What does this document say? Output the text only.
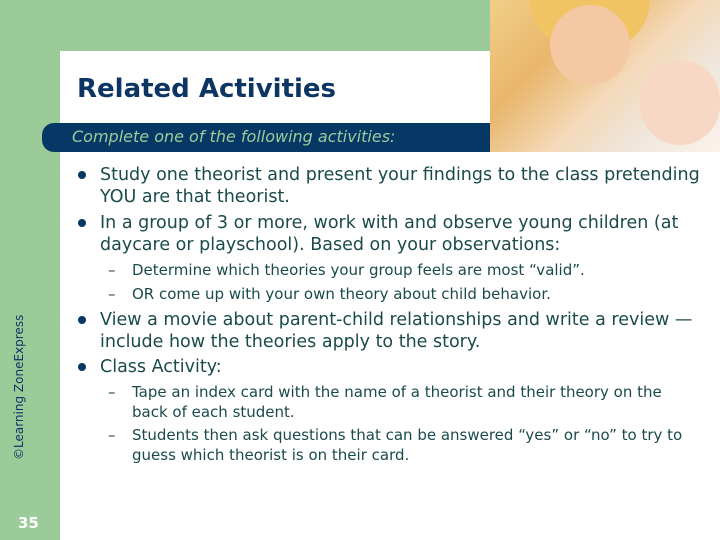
Related Activities
Complete one of the following activities:
©Learning ZoneExpress
35
Study one theorist and present your findings to the class pretending YOU are that theorist.
In a group of 3 or more, work with and observe young children (at daycare or playschool). Based on your observations:
– Determine which theories your group feels are most “valid”.
– OR come up with your own theory about child behavior.
View a movie about parent-child relationships and write a review — include how the theories apply to the story.
Class Activity:
– Tape an index card with the name of a theorist and their theory on the back of each student.
– Students then ask questions that can be answered “yes” or “no” to try to guess which theorist is on their card.
